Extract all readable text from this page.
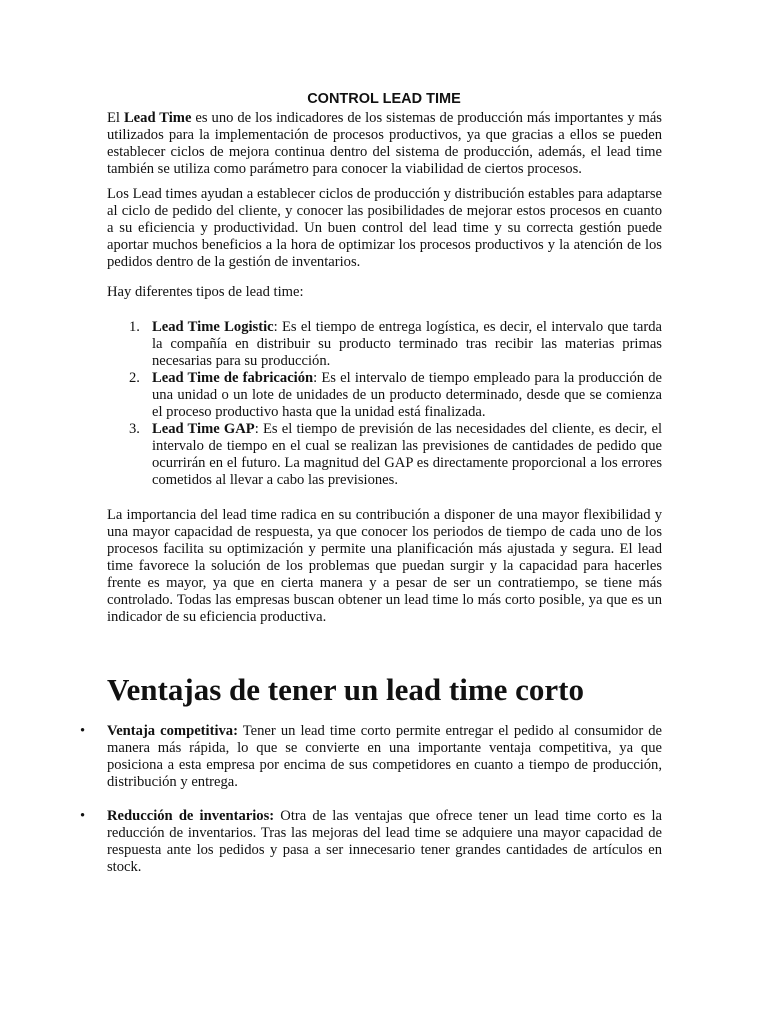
CONTROL LEAD TIME

El Lead Time es uno de los indicadores de los sistemas de producción más importantes y más utilizados para la implementación de procesos productivos, ya que gracias a ellos se pueden establecer ciclos de mejora continua dentro del sistema de producción, además, el lead time también se utiliza como parámetro para conocer la viabilidad de ciertos procesos.

Los Lead times ayudan a establecer ciclos de producción y distribución estables para adaptarse al ciclo de pedido del cliente, y conocer las posibilidades de mejorar estos procesos en cuanto a su eficiencia y productividad. Un buen control del lead time y su correcta gestión puede aportar muchos beneficios a la hora de optimizar los procesos productivos y la atención de los pedidos dentro de la gestión de inventarios.

Hay diferentes tipos de lead time:

1. Lead Time Logistic: Es el tiempo de entrega logística, es decir, el intervalo que tarda la compañía en distribuir su producto terminado tras recibir las materias primas necesarias para su producción.
2. Lead Time de fabricación: Es el intervalo de tiempo empleado para la producción de una unidad o un lote de unidades de un producto determinado, desde que se comienza el proceso productivo hasta que la unidad está finalizada.
3. Lead Time GAP: Es el tiempo de previsión de las necesidades del cliente, es decir, el intervalo de tiempo en el cual se realizan las previsiones de cantidades de pedido que ocurrirán en el futuro. La magnitud del GAP es directamente proporcional a los errores cometidos al llevar a cabo las previsiones.

La importancia del lead time radica en su contribución a disponer de una mayor flexibilidad y una mayor capacidad de respuesta, ya que conocer los periodos de tiempo de cada uno de los procesos facilita su optimización y permite una planificación más ajustada y segura. El lead time favorece la solución de los problemas que puedan surgir y la capacidad para hacerles frente es mayor, ya que en cierta manera y a pesar de ser un contratiempo, se tiene más controlado. Todas las empresas buscan obtener un lead time lo más corto posible, ya que es un indicador de su eficiencia productiva.

Ventajas de tener un lead time corto
• Ventaja competitiva: Tener un lead time corto permite entregar el pedido al consumidor de manera más rápida, lo que se convierte en una importante ventaja competitiva, ya que posiciona a esta empresa por encima de sus competidores en cuanto a tiempo de producción, distribución y entrega.
• Reducción de inventarios: Otra de las ventajas que ofrece tener un lead time corto es la reducción de inventarios. Tras las mejoras del lead time se adquiere una mayor capacidad de respuesta ante los pedidos y pasa a ser innecesario tener grandes cantidades de artículos en stock.
